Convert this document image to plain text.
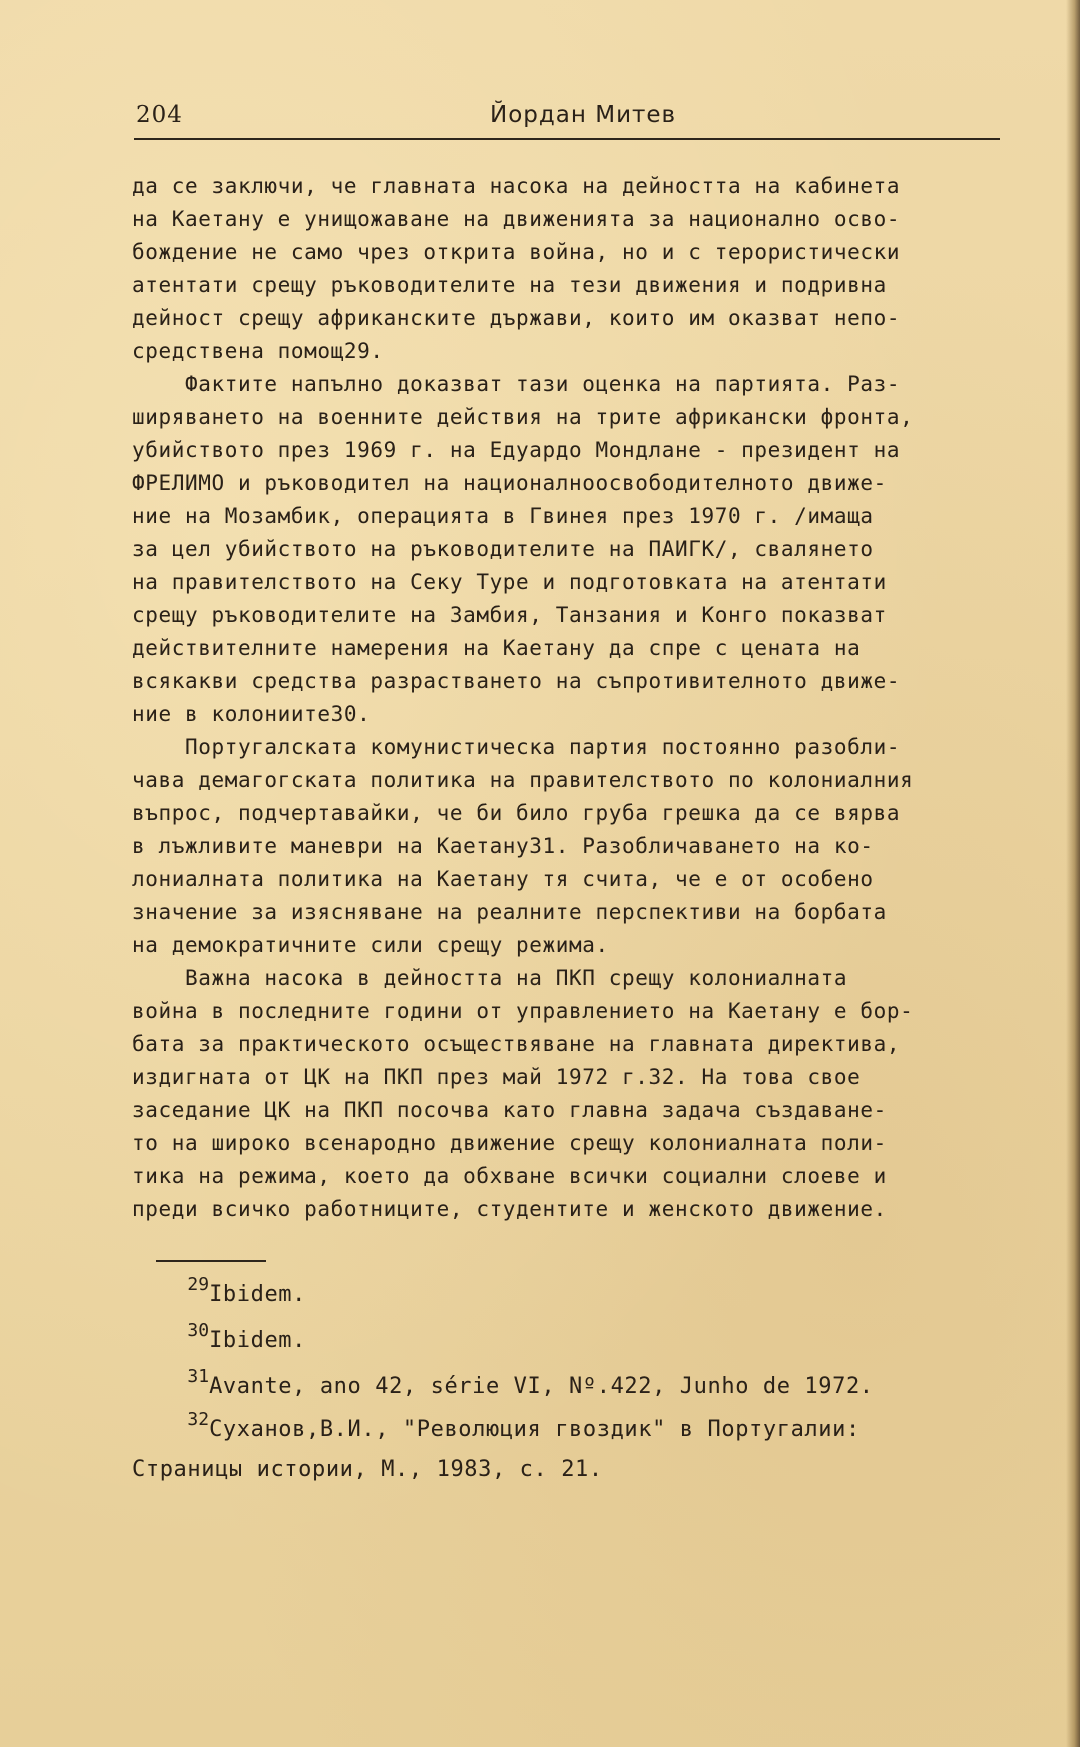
204	Йордан Митев
да се заключи, че главната насока на дейността на кабинета
на Каетану е унищожаване на движенията за национално осво-
бождение не само чрез открита война, но и с терористически
атентати срещу ръководителите на тези движения и подривна
дейност срещу африканските държави, които им оказват непо-
средствена помощ29.
Фактите напълно доказват тази оценка на партията. Раз-
ширяването на военните действия на трите африкански фронта,
убийството през 1969 г. на Едуардо Мондлане - президент на
ФРЕЛИМО и ръководител на националноосвободителното движе-
ние на Мозамбик, операцията в Гвинея през 1970 г. /имаща
за цел убийството на ръководителите на ПАИГК/, свалянето
на правителството на Секу Туре и подготовката на атентати
срещу ръководителите на Замбия, Танзания и Конго показват
действителните намерения на Каетану да спре с цената на
всякакви средства разрастването на съпротивителното движе-
ние в колониите30.
Португалската комунистическа партия постоянно разобли-
чава демагогската политика на правителството по колониалния
въпрос, подчертавайки, че би било груба грешка да се вярва
в лъжливите маневри на Каетану31. Разобличаването на ко-
лониалната политика на Каетану тя счита, че е от особено
значение за изясняване на реалните перспективи на борбата
на демократичните сили срещу режима.
Важна насока в дейността на ПКП срещу колониалната
война в последните години от управлението на Каетану е бор-
бата за практическото осъществяване на главната директива,
издигната от ЦК на ПКП през май 1972 г.32. На това свое
заседание ЦК на ПКП посочва като главна задача създаване-
то на широко всенародно движение срещу колониалната поли-
тика на режима, което да обхване всички социални слоеве и
преди всичко работниците, студентите и женското движение.
$^{29}$Ibidem.
$^{30}$Ibidem.
$^{31}$Avante, ano 42, série VI, Nº.422, Junho de 1972.
$^{32}$Суханов,В.И., "Революция гвоздик" в Португалии:
Страницы истории, М., 1983, с. 21.
